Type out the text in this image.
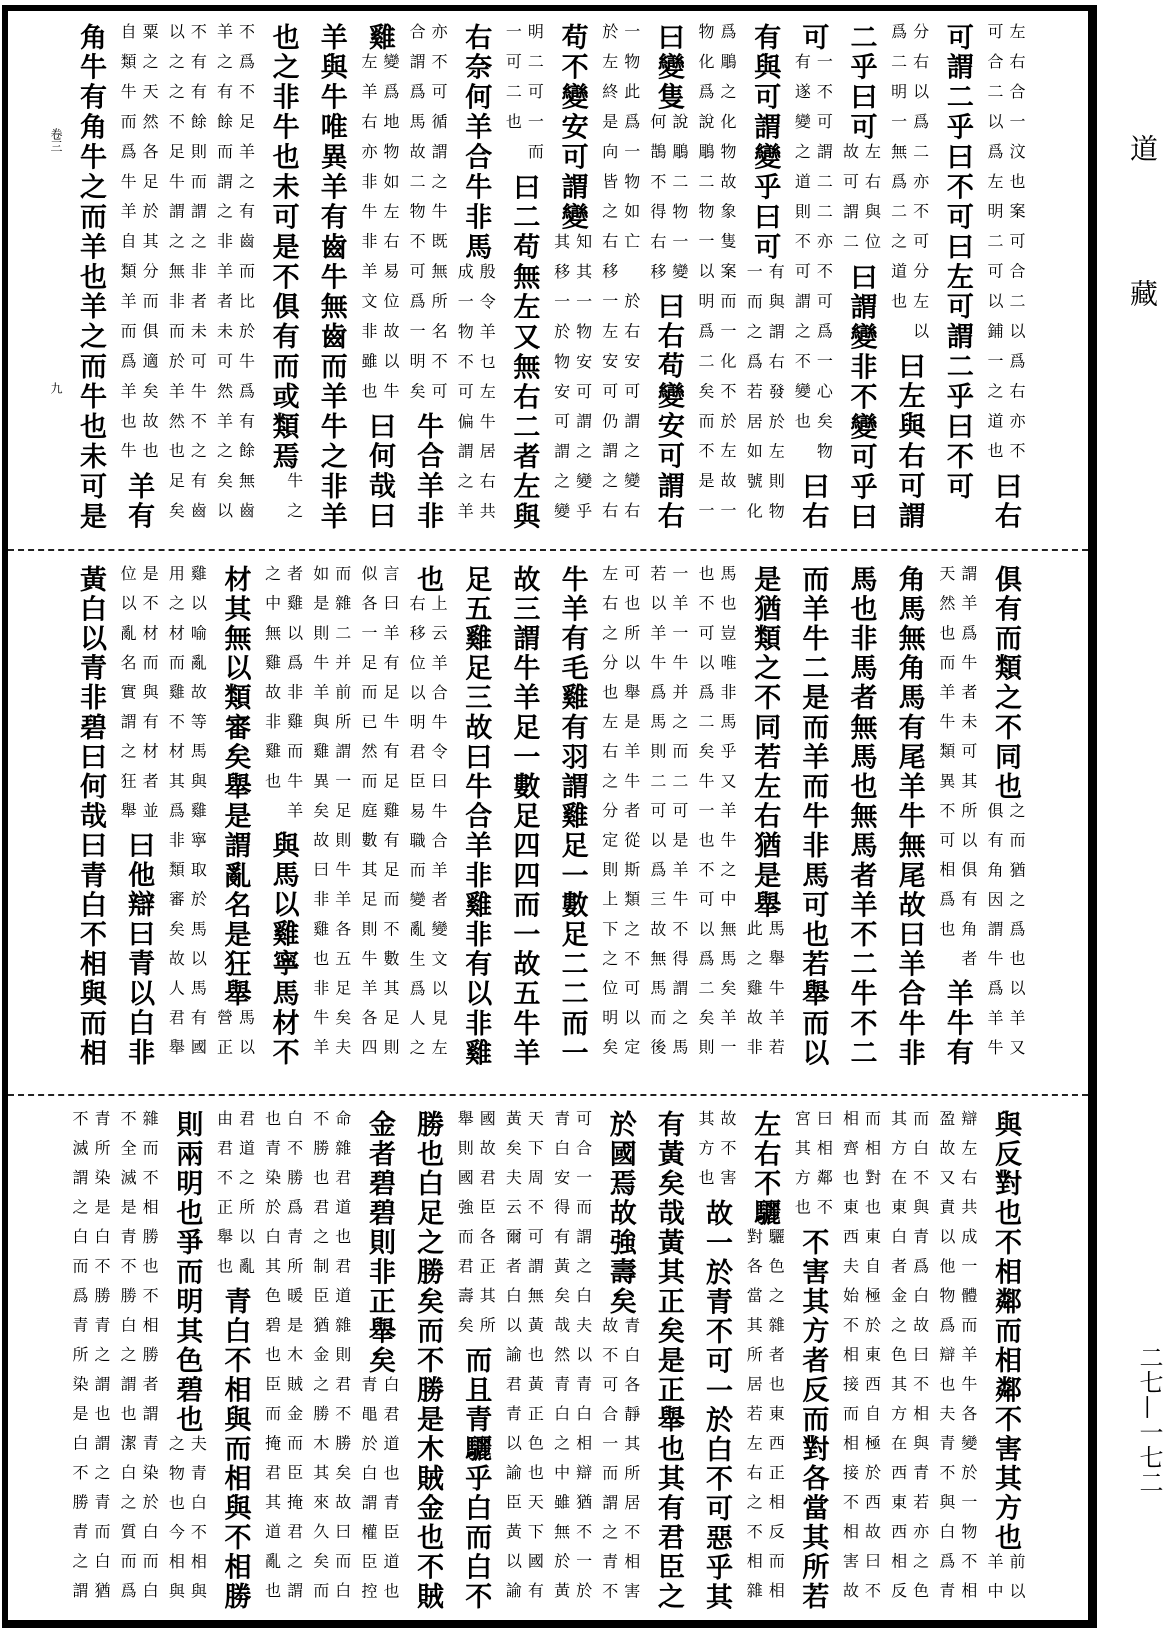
左右合一汶也案可合二以爲右亦不
可合二以爲左明二可以鋪一之道也
曰右
可謂二乎曰不可曰左可謂二乎曰不可
分右以爲二亦不可分左以
爲二明一無爲二之道也　
曰左與右可謂
二乎曰可
左右與位
故可謂二
曰謂變非不變可乎曰
可
一不可謂二二亦不可爲一心矣物
有遂變之道則不可謂之不變也　
曰右
有與可謂變乎曰可
有與謂右發於左則物
一而之爲若居如號化
爲鵰之化物故象隻案而一化不於左故一
物化爲說鵰二物一以明爲二矣而不是一
曰變隻
說鵰二物一變
何鵲不得右移
曰右苟變安可謂右
一物此爲一物如亡　於右安可謂之變右
於左終是向皆之右移一左安可仍謂之右
苟不變安可謂變
知其一物安可謂之變乎
其移一於物安可謂之變
明二可一而
一可二也　
曰二苟無左又無右二者左與
右奈何羊合牛非馬
殷令羊乜左牛居右共
成一物不可偏謂之羊
亦不可循謂之牛既無所名不可
合謂爲馬故二物不可爲一明矣
牛合羊非
雞
變爲地物如左右易位故以牛
左羊右亦非牛非羊文非雖也
曰何哉曰
羊與牛唯異羊有齒牛無齒而羊牛之非羊
也之非牛也未可是不俱有而或類焉
牛之

不爲不足羊之有齒而比於牛爲有餘無齒
羊之有餘而謂之非羊者未可然羊之矣以
不有有餘則而謂之非者未可牛不之有齒
以之之不足牛謂之無非而於羊然也足矣
粟之天然各足於其分而俱適矣故也
自類牛而爲牛羊自類羊而爲羊也牛
羊有
角牛有角牛之而羊也羊之而牛也未可是
俱有而類之不同也
之而猶之爲也以羊又
俱有角因謂牛爲羊牛
謂羊爲牛者未可其所以俱有角者
天然也而羊牛類異不可相爲也　
羊牛有
角馬無角馬有尾羊牛無尾故曰羊合牛非
馬也非馬者無馬也無馬者羊不二牛不二
而羊牛二是而羊而牛非馬可也若舉而以
是猶類之不同若左右猶是舉
馬舉牛羊若
此之雞故非
馬也豈唯非馬乎又羊牛之中無馬矣羊一
也不可以爲二矣牛一也不可以爲二矣則
一羊一牛并之而二可是羊牛不得謂之馬
若以羊牛爲馬則二可以爲三故無馬而後
可也所以舉是羊牛者從斯類之不可以定
左右之分也左右之分定則上下之位明矣
牛羊有毛雞有羽謂雞足一數足二二而一
故三謂牛羊足一數足四四而一故五牛羊
足五雞足三故曰牛合羊非雞非有以非雞
也
上云羊合牛令曰牛合羊者變文以見左
右移位以明君臣易職而變亂生爲人之
言曰羊有足牛有足雞有足而不數其足則
似各一足而已然而庭數其足則牛羊各四
而雜二并前所謂一足則牛羊各五足矣夫
如是則牛羊與雞異矣故曰非雞也非牛羊
者雞以爲非雞而牛羊
之中無雞故非雞也　
與馬以雞寧馬材不
材其無以類審矣舉是謂亂名是狂舉
馬以
營正
雞以喻亂故等馬與雞寧取於馬以馬有國
用之材而雞不材其爲非類審矣故人君舉
是不材而與有材者並
位以亂名實謂之狂舉
曰他辯曰青以白非
黃白以青非碧曰何哉曰青白不相與而相
與反對也不相鄰而相鄰不害其方也
前以
羊中
辯左右共成一體而羊牛各變於一物不相
盈故又責以他物爲辯也夫青不與白爲青
而白不與青爲白故曰不相與青若亦之色
其方在東白者金之色其方在西東西相反
而相對也東自極於東西自極於西故曰不
相齊也東西夫始不相接而相接不相害故
曰相鄰不
宮其方也
不害其方者反而對各當其所若
左右不驪
驪色之雜者也東西正相反而相
對各當其所居若左右之不相雜
故不害
其方也
故一於青不可一於白不可惡乎其
有黃矣哉黃其正矣是正舉也其有君臣之
於國焉故強壽矣
青白各靜其所居不相害
故不可合一而謂之青不
可合一而謂之白夫以青白相辯猶不一於
青白安得有黃矣哉然青白之中雖無於黃
天下周不可謂無黃也黃正色也天下國有
黃矣夫云爾者白以諭君青以諭臣黃以諭
國故君臣各正其所
舉則國強而君壽矣
而且青驪乎白而白不
勝也白足之勝矣而不勝是木賊金也不賊
金者碧碧則非正舉矣
白君道也青臣道也
青黽於白謂權臣控
命雜君道也君道雜則君不勝矣故曰而白
不勝也君之制臣猶金之勝木其來久矣而
白不勝爲青所暖是木賊金而臣掩君之謂
也青染於白其色碧也臣而掩君其道亂也
君道之所以亂
由君不正舉也
青白不相與而相與不相勝
則兩明也爭而明其色碧也
夫青白不相與
之物也今相與
雜而不相勝也不相勝者謂青染於白而白
不全滅是青不勝白之謂也潔白之質而爲
青所染是白不勝青之謂也謂之青而白猶
不滅謂之白而爲青所染是白不勝青之謂
道
藏
二七—一七二
卷三
九
